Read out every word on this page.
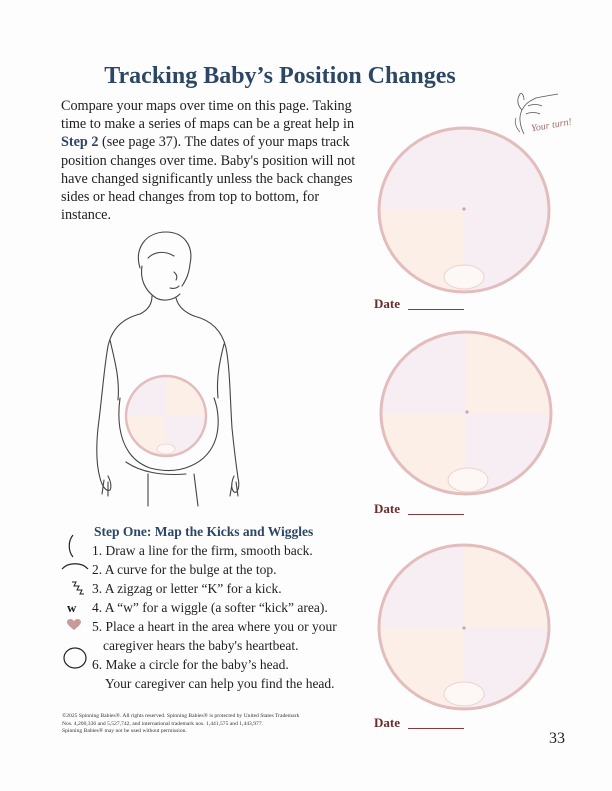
Tracking Baby’s Position Changes
Compare your maps over time on this page. Taking time to make a series of maps can be a great help in Step 2 (see page 37). The dates of your maps track position changes over time. Baby's position will not have changed significantly unless the back changes sides or head changes from top to bottom, for instance.
Your turn!
Date
Date
Date
Step One: Map the Kicks and Wiggles
1. Draw a line for the firm, smooth back.
2. A curve for the bulge at the top.
3. A zigzag or letter “K” for a kick.
w 4. A “w” for a wiggle (a softer “kick” area).
5. Place a heart in the area where you or your
caregiver hears the baby's heartbeat.
6. Make a circle for the baby’s head.
Your caregiver can help you find the head.
©2025 Spinning Babies®. All rights reserved. Spinning Babies® is protected by United States Trademark
Nos. 4,200,336 and 5,527,742, and international trademark nos. 1,441,575 and 1,443,977.
Spinning Babies® may not be used without permission.	33
